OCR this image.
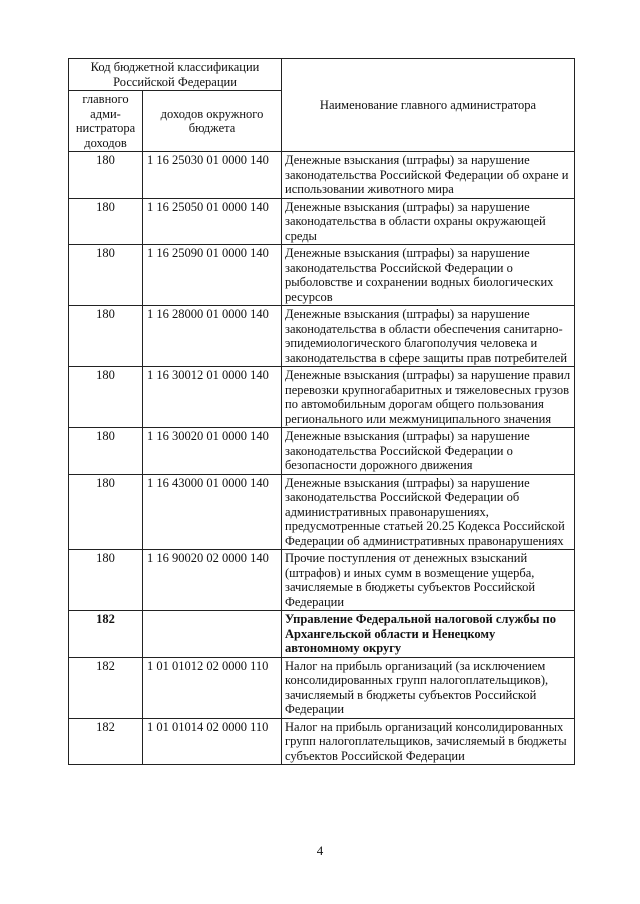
Код бюджетной классификации Российской Федерации		Наименование главного администратора
главного адми-нистратора доходов	доходов окружного бюджета	
180	1 16 25030 01 0000 140	Денежные взыскания (штрафы) за нарушение законодательства Российской Федерации об охране и использовании животного мира
180	1 16 25050 01 0000 140	Денежные взыскания (штрафы) за нарушение законодательства в области охраны окружающей среды
180	1 16 25090 01 0000 140	Денежные взыскания (штрафы) за нарушение законодательства Российской Федерации о рыболовстве и сохранении водных биологических ресурсов
180	1 16 28000 01 0000 140	Денежные взыскания (штрафы) за нарушение законодательства в области обеспечения санитарно-эпидемиологического благополучия человека и законодательства в сфере защиты прав потребителей
180	1 16 30012 01 0000 140	Денежные взыскания (штрафы) за нарушение правил перевозки крупногабаритных и тяжеловесных грузов по автомобильным дорогам общего пользования регионального или межмуниципального значения
180	1 16 30020 01 0000 140	Денежные взыскания (штрафы) за нарушение законодательства Российской Федерации о безопасности дорожного движения
180	1 16 43000 01 0000 140	Денежные взыскания (штрафы) за нарушение законодательства Российской Федерации об административных правонарушениях, предусмотренные статьей 20.25 Кодекса Российской Федерации об административных правонарушениях
180	1 16 90020 02 0000 140	Прочие поступления от денежных взысканий (штрафов) и иных сумм в возмещение ущерба, зачисляемые в бюджеты субъектов Российской Федерации
182		Управление Федеральной налоговой службы по Архангельской области и Ненецкому автономному округу
182	1 01 01012 02 0000 110	Налог на прибыль организаций (за исключением консолидированных групп налогоплательщиков), зачисляемый в бюджеты субъектов Российской Федерации
182	1 01 01014 02 0000 110	Налог на прибыль организаций консолидированных групп налогоплательщиков, зачисляемый в бюджеты субъектов Российской Федерации
4
